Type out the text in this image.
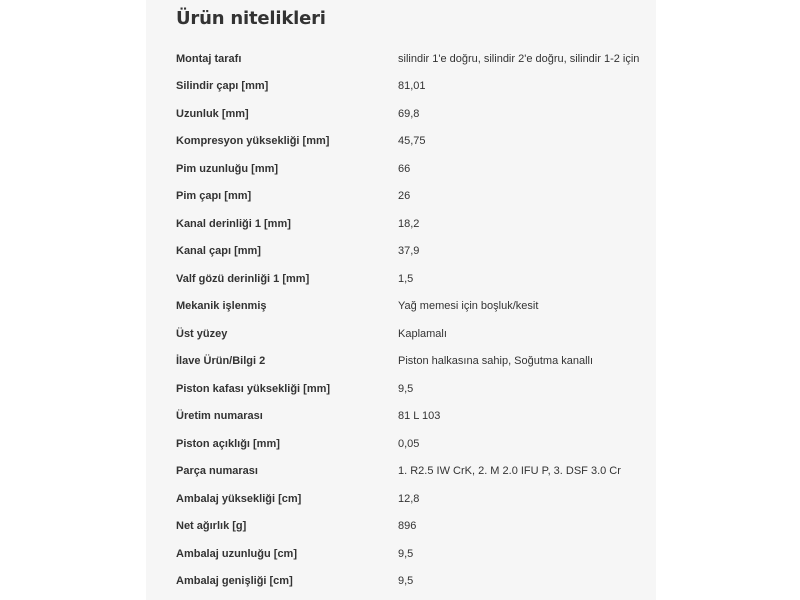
Ürün nitelikleri
Montaj tarafı	silindir 1'e doğru, silindir 2'e doğru, silindir 1-2 için
Silindir çapı [mm]	81,01
Uzunluk [mm]	69,8
Kompresyon yüksekliği [mm]	45,75
Pim uzunluğu [mm]	66
Pim çapı [mm]	26
Kanal derinliği 1 [mm]	18,2
Kanal çapı [mm]	37,9
Valf gözü derinliği 1 [mm]	1,5
Mekanik işlenmiş	Yağ memesi için boşluk/kesit
Üst yüzey	Kaplamalı
İlave Ürün/Bilgi 2	Piston halkasına sahip, Soğutma kanallı
Piston kafası yüksekliği [mm]	9,5
Üretim numarası	81 L 103
Piston açıklığı [mm]	0,05
Parça numarası	1. R2.5 IW CrK, 2. M 2.0 IFU P, 3. DSF 3.0 Cr
Ambalaj yüksekliği [cm]	12,8
Net ağırlık [g]	896
Ambalaj uzunluğu [cm]	9,5
Ambalaj genişliği [cm]	9,5
